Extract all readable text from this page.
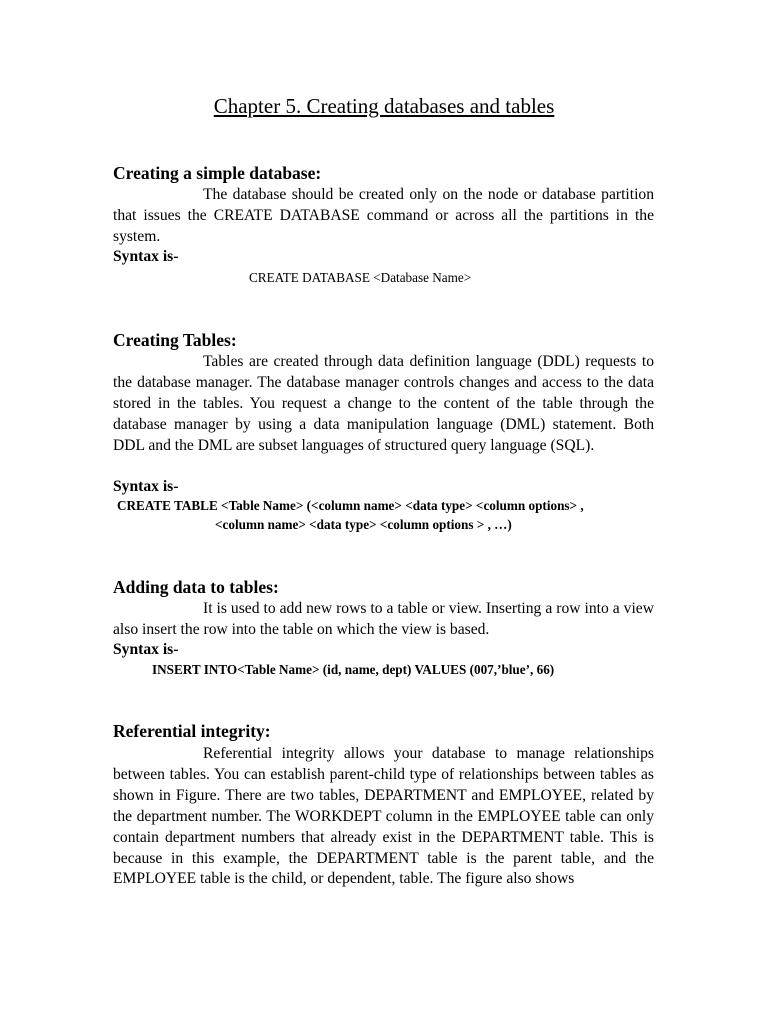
Chapter 5. Creating databases and tables
Creating a simple database:

The database should be created only on the node or database partition that issues the CREATE DATABASE command or across all the partitions in the system.

Syntax is-

CREATE DATABASE <Database Name>

Creating Tables:

Tables are created through data definition language (DDL) requests to the database manager. The database manager controls changes and access to the data stored in the tables. You request a change to the content of the table through the database manager by using a data manipulation language (DML) statement. Both DDL and the DML are subset languages of structured query language (SQL).

Syntax is-

CREATE TABLE <Table Name> (<column name> <data type> <column options> ,

<column name> <data type> <column options > , …)

Adding data to tables:

It is used to add new rows to a table or view. Inserting a row into a view also insert the row into the table on which the view is based.

Syntax is-

INSERT INTO<Table Name> (id, name, dept) VALUES (007,’blue’, 66)

Referential integrity:

Referential integrity allows your database to manage relationships between tables. You can establish parent-child type of relationships between tables as shown in Figure. There are two tables, DEPARTMENT and EMPLOYEE, related by the department number. The WORKDEPT column in the EMPLOYEE table can only contain department numbers that already exist in the DEPARTMENT table. This is because in this example, the DEPARTMENT table is the parent table, and the EMPLOYEE table is the child, or dependent, table. The figure also shows
